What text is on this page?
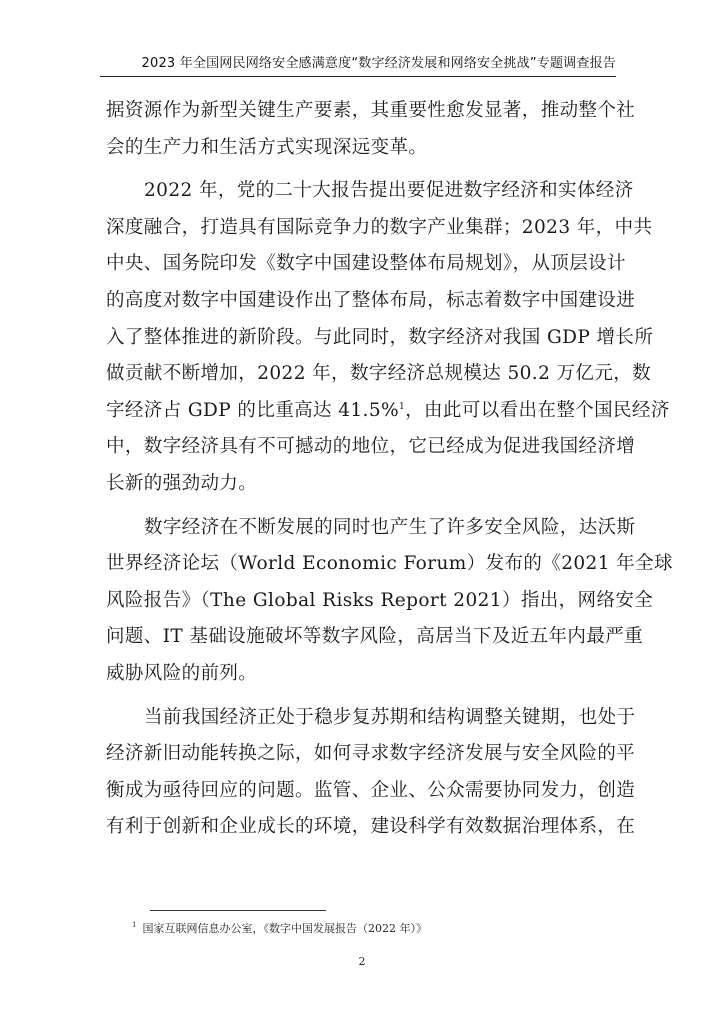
2023 年全国网民网络安全感满意度“数字经济发展和网络安全挑战”专题调查报告
据资源作为新型关键生产要素，其重要性愈发显著，推动整个社
会的生产力和生活方式实现深远变革。
2022 年，党的二十大报告提出要促进数字经济和实体经济
深度融合，打造具有国际竞争力的数字产业集群；2023 年，中共
中央、国务院印发《数字中国建设整体布局规划》，从顶层设计
的高度对数字中国建设作出了整体布局，标志着数字中国建设进
入了整体推进的新阶段。与此同时，数字经济对我国 GDP 增长所
做贡献不断增加，2022 年，数字经济总规模达 50.2 万亿元，数
字经济占 GDP 的比重高达 41.5%$^1$，由此可以看出在整个国民经济
中，数字经济具有不可撼动的地位，它已经成为促进我国经济增
长新的强劲动力。
数字经济在不断发展的同时也产生了许多安全风险，达沃斯
世界经济论坛（World Economic Forum）发布的《2021 年全球
风险报告》（The Global Risks Report 2021）指出，网络安全
问题、IT 基础设施破坏等数字风险，高居当下及近五年内最严重
威胁风险的前列。
当前我国经济正处于稳步复苏期和结构调整关键期，也处于
经济新旧动能转换之际，如何寻求数字经济发展与安全风险的平
衡成为亟待回应的问题。监管、企业、公众需要协同发力，创造
有利于创新和企业成长的环境，建设科学有效数据治理体系，在
$^1$ 国家互联网信息办公室，《数字中国发展报告（2022 年）》
2
